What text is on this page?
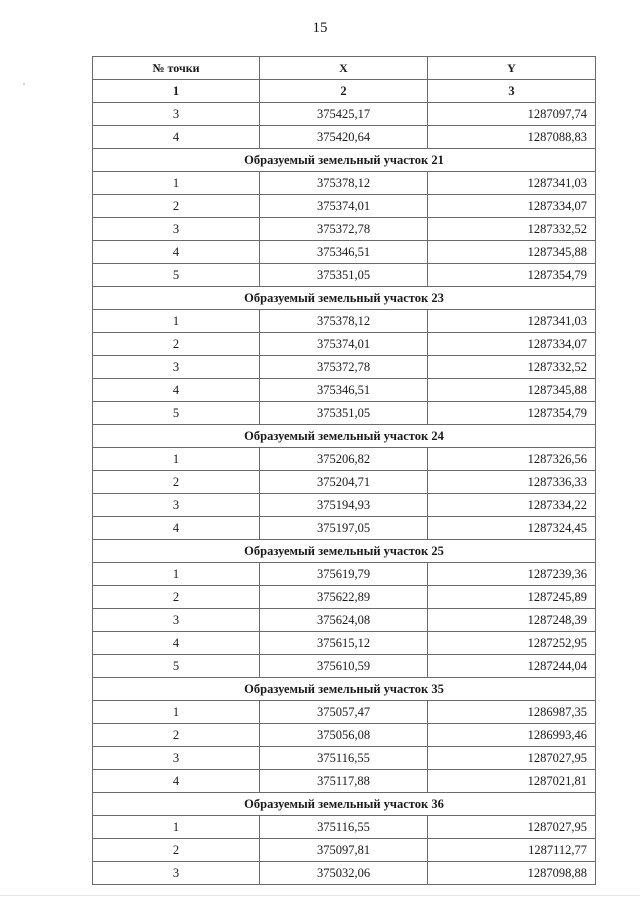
15
№ точки	X	Y
1	2	3
3	375425,17	1287097,74
4	375420,64	1287088,83
Образуемый земельный участок 21		
1	375378,12	1287341,03
2	375374,01	1287334,07
3	375372,78	1287332,52
4	375346,51	1287345,88
5	375351,05	1287354,79
Образуемый земельный участок 23		
1	375378,12	1287341,03
2	375374,01	1287334,07
3	375372,78	1287332,52
4	375346,51	1287345,88
5	375351,05	1287354,79
Образуемый земельный участок 24		
1	375206,82	1287326,56
2	375204,71	1287336,33
3	375194,93	1287334,22
4	375197,05	1287324,45
Образуемый земельный участок 25		
1	375619,79	1287239,36
2	375622,89	1287245,89
3	375624,08	1287248,39
4	375615,12	1287252,95
5	375610,59	1287244,04
Образуемый земельный участок 35		
1	375057,47	1286987,35
2	375056,08	1286993,46
3	375116,55	1287027,95
4	375117,88	1287021,81
Образуемый земельный участок 36		
1	375116,55	1287027,95
2	375097,81	1287112,77
3	375032,06	1287098,88
